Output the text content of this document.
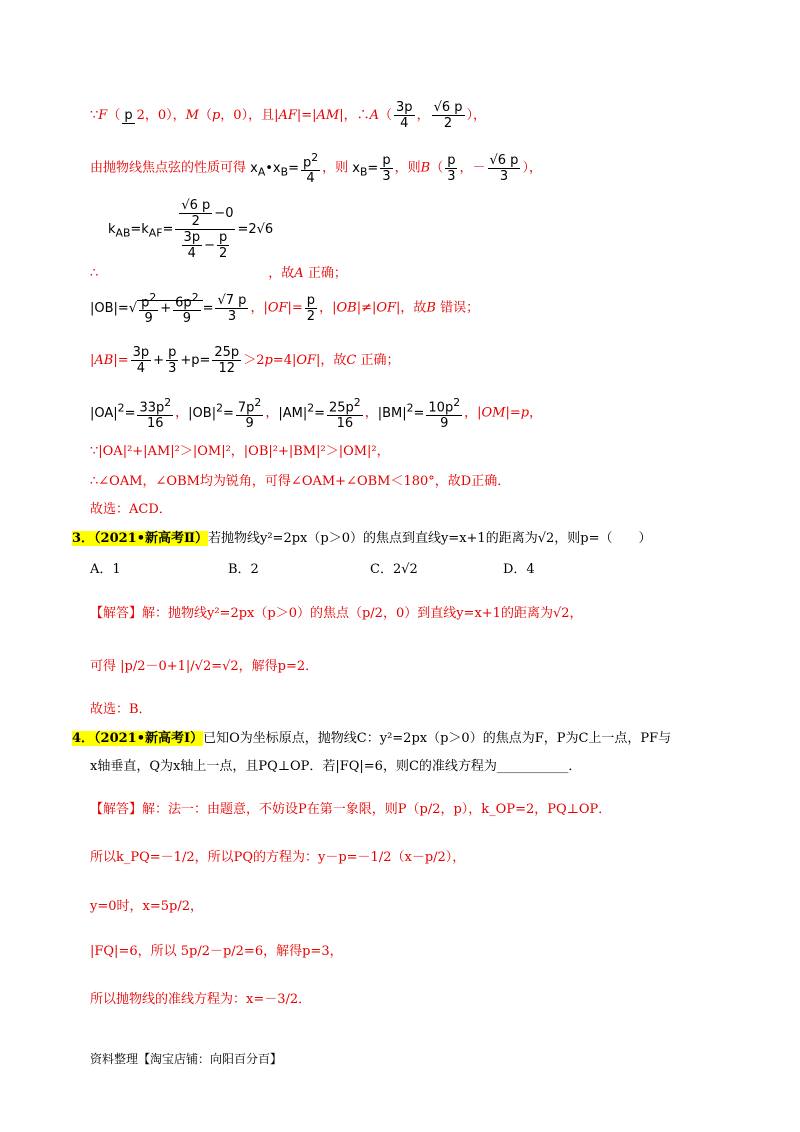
∵F（ p 2，0），M（p，0），且|AF|=|AM|，∴A（ $\frac{3p}{4}$ ， $\frac{√6 p}{2}$ ），
由抛物线焦点弦的性质可得 $x_A•x_B= \frac{p^2}{4}$ ，则 $x_B= \frac{p}{3}$ ，则$B( \frac{p}{3}$ ，－ $\frac{√6 p}{3}$ ），
$k_{AB}=k_{AF}= \frac{\frac{√6 p}{2} -0}{\frac{3p}{4} - \frac{p}{2}} =2√6$
∴	，故A 正确；
$|OB|=√ \frac{p^2}{9} + \frac{6p^2}{9} = \frac{√7 p}{3}$ ，$|OF|= \frac{p}{2}$ ，|OB|≠|OF|，故B 错误；
$|AB|= \frac{3p}{4} + \frac{p}{3} +p= \frac{25p}{12} >2p=4|OF|$，故C 正确；
$|OA|^2= \frac{33p^2}{16}$ ，$|OB|^2= \frac{7p^2}{9}$ ，$|AM|^2= \frac{25p^2}{16}$ ，$|BM|^2= \frac{10p^2}{9}$ ，|OM|=p，
∵|OA|²+|AM|²＞|OM|²，|OB|²+|BM|²＞|OM|²，
∴∠OAM，∠OBM均为锐角，可得∠OAM+∠OBM＜180°，故D正确．
故选：ACD．
3．（2021•新高考Ⅱ）若抛物线y²=2px（p＞0）的焦点到直线y=x+1的距离为√2，则p=（　　）
A．1	B．2	C．2√2	D．4
【解答】解：抛物线y²=2px（p＞0）的焦点（p/2，0）到直线y=x+1的距离为√2，
可得 |p/2－0+1|/√2=√2，解得p=2．
故选：B．
4．（2021•新高考Ⅰ）已知O为坐标原点，抛物线C：y²=2px（p＞0）的焦点为F，P为C上一点，PF与
x轴垂直，Q为x轴上一点，且PQ⊥OP．若|FQ|=6，则C的准线方程为___________．
【解答】解：法一：由题意，不妨设P在第一象限，则P（p/2，p），k_OP=2，PQ⊥OP．
所以k_PQ=－1/2，所以PQ的方程为：y－p=－1/2（x－p/2），
y=0时，x=5p/2，
|FQ|=6，所以 5p/2－p/2=6，解得p=3，
所以抛物线的准线方程为：x=－3/2．
资料整理【淘宝店铺：向阳百分百】
